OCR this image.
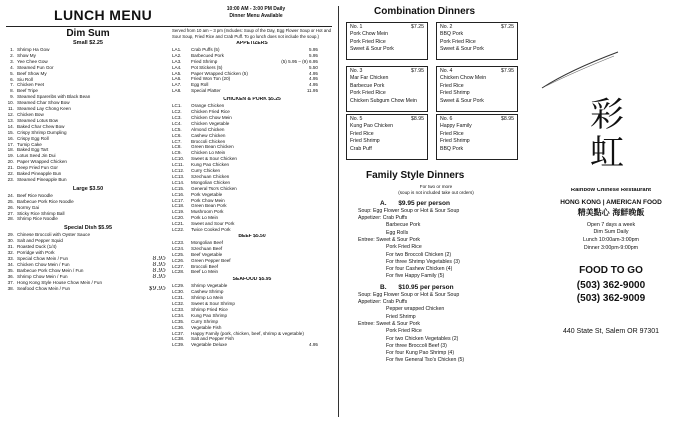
LUNCH MENU	10:00 AM - 3:00 PM Daily
Dinner Menu Available
Dim Sum
Small $2.25
1. Shrimp Ha Gow
2. Show My
3. Yee Chee Gow
4. Steamed Fun Gor
5. Beef Show My
6. Siu Roll
7. Chicken Feet
8. Beef Tripe
9. Steamed Spareribs with Black Bean
10. Steamed Char Show Bow
11. Steamed Lay Chong Keen
12. Chicken Bow
13. Steamed Lotus Bow
14. Baked Char Chew Bow
15. Crispy Shrimp Dumpling
16. Crispy Egg Roll
17. Turnip Cake
18. Baked Egg Tart
19. Lotus Seed Jin Dui
20. Paper Wrapped Chicken
21. Deep Fried Fun Gor
22. Baked Pineapple Bun
23. Steamed Pineapple Bun
Large $3.50
24. Beef Rice Noodle
25. Barbecue Pork Rice Noodle
26. Normy Gai
27. Sticky Rice Shrimp Ball
28. Shrimp Rice Noodle
Special Dish $5.95
29. Chinese Broccoli with Oyster Sauce
30. Salt and Pepper Squid
31. Roasted Duck (1/4)
32. Porridge with Pork
33. Special Chow Mein / Fun	8.95
34. Chicken Chow Mein / Fun	8.95
35. Barbecue Pork Chow Mein / Fun	8.95
36. Shrimp Chow Mein / Fun	8.95
37. Hong Kong Style House Chow Mein / Fun
38. Seafood Chow Mein / Fun	$9.95
Served from 10 am – 3 pm (Includes: Soup of the Day, Egg Flower Soup or Hot and Sour Soup, Fried Rice and Crab Puff. To go lunch does not include the soup.)
APPETIZERS
LA1.	Crab Puffs (5)	5.95
LA2.	Barbecued Pork	5.95
LA3.	Fried Shrimp	(5) 5.95 – (9) 6.95
LA4.	Pot Stickers (5)	5.50
LA5.	Paper Wrapped Chicken (5)	4.95
LA6.	Fried Won Ton (20)	4.95
LA7.	Egg Roll	4.95
LA8.	Special Platter	11.95
CHICKEN & PORK $5.25
LC1.	Orange Chicken
LC2.	Chicken Fried Rice
LC3.	Chicken Chow Mein
LC4.	Chicken Vegetable
LC5.	Almond Chicken
LC6.	Cashew Chicken
LC7.	Broccoli Chicken
LC8.	Green Bean Chicken
LC9.	Chicken Lo Mein
LC10.	Sweet & Sour Chicken
LC11.	Kung Pao Chicken
LC12.	Curry Chicken
LC13.	Szechuan Chicken
LC14.	Mongolian Chicken
LC15.	General Tso's Chicken
LC16.	Pork Vegetable
LC17.	Pork Chow Mein
LC18.	Green Bean Pork
LC19.	Mushroom Pork
LC20.	Pork Lo Mein
LC21.	Sweet and Sour Pork
LC22.	Twice Cooked Pork
BEEF $5.50
LC23.	Mongolian Beef
LC24.	Szechuan Beef
LC25.	Beef Vegetable
LC26.	Green Pepper Beef
LC27.	Broccoli Beef
LC28.	Beef Lo Mein
SEAFOOD $5.95
LC29.	Shrimp Vegetable
LC30.	Cashew Shrimp
LC31.	Shrimp Lo Mein
LC32.	Sweet & Sour Shrimp
LC33.	Shrimp Fried Rice
LC34.	Kung Pao Shrimp
LC35.	Curry Shrimp
LC36.	Vegetable Fish
LC37.	Happy Family (pork, chicken, beef, shrimp & vegetable)
LC38.	Salt and Pepper Fish
LC39.	Vegetable Deluxe	4.95
Combination Dinners
No. 1	$7.25
Pork Chow Mein
Pork Fried Rice
Sweet & Sour Pork
No. 2	$7.25
BBQ Pork
Pork Fried Rice
Sweet & Sour Pork
No. 3	$7.95
Mar Far Chicken
Barbecue Pork
Pork Fried Rice
Chicken Subgum Chow Mein
No. 4	$7.95
Chicken Chow Mein
Fried Rice
Fried Shrimp
Sweet & Sour Pork
No. 5	$8.95
Kung Pao Chicken
Fried Rice
Fried Shrimp
Crab Puff
No. 6	$8.95
Happy Family
Fried Rice
Fried Shrimp
BBQ Pork
Family Style Dinners
For two or more
(soup is not included take out orders)
A. $9.95 per person
Soup: Egg Flower Soup or Hot & Sour Soup
Appetizer: Crab Puffs
Barbecue Pork
Egg Rolls
Entree: Sweet & Sour Pork
Pork Fried Rice
For two Broccoli Chicken (2)
For three Shrimp Vegetables (3)
For four Cashew Chicken (4)
For five Happy Family (5)
B. $10.95 per person
Soup: Egg Flower Soup or Hot & Sour Soup
Appetizer: Crab Puffs
Pepper wrapped Chicken
Fried Shrimp
Entree: Sweet & Sour Pork
Pork Fried Rice
For two Chicken Vegetables (2)
For three Broccoli Beef (3)
For four Kung Pao Shrimp (4)
For five General Tso's Chicken (5)
彩 虹
Rainbow Chinese Restaurant
HONG KONG | AMERICAN FOOD
精美點心 海鮮晚飯
Open 7 days a week
Dim Sum Daily
Lunch 10:00am-3:00pm
Dinner 3:00pm-9:00pm
FOOD TO GO
(503) 362-9000
(503) 362-9009
440 State St, Salem OR 97301
